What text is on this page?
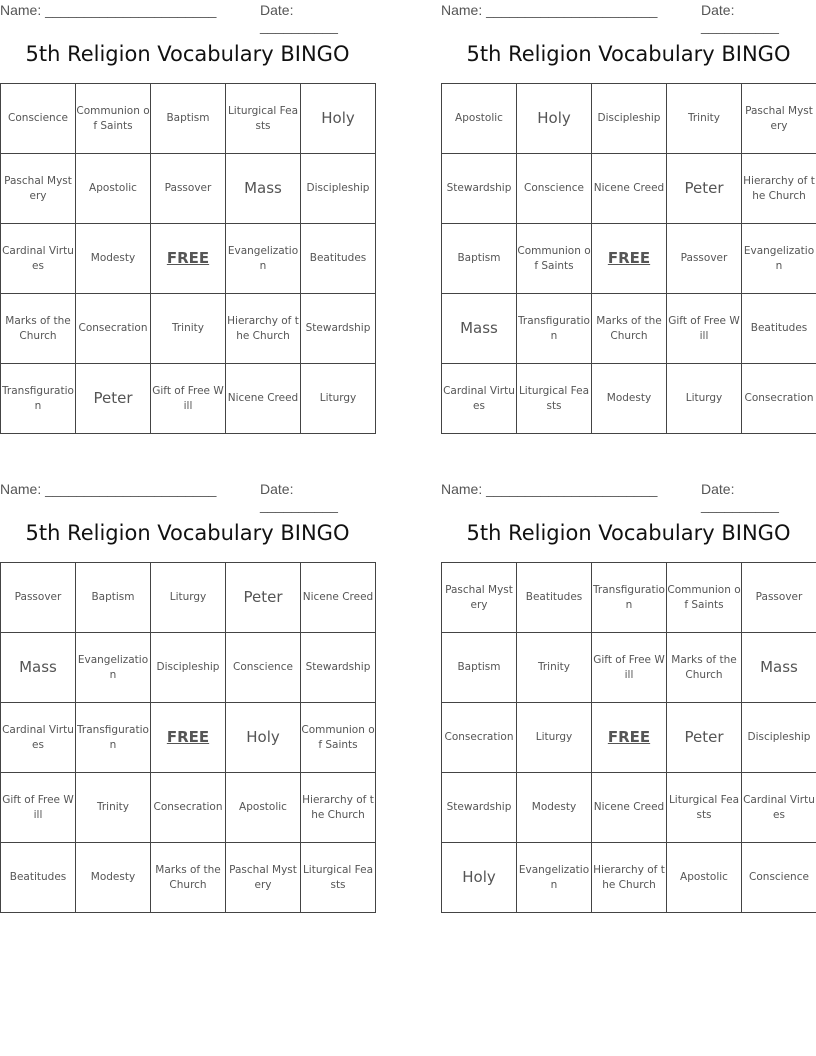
Name: ______________________	Date: __________
5th Religion Vocabulary BINGO
Conscience	Communion of Saints	Baptism	Liturgical Feasts	Holy
Paschal Mystery	Apostolic	Passover	Mass	Discipleship
Cardinal Virtues	Modesty	FREE	Evangelization	Beatitudes
Marks of the Church	Consecration	Trinity	Hierarchy of the Church	Stewardship
Transfiguration	Peter	Gift of Free Will	Nicene Creed	Liturgy
Name: ______________________	Date: __________
5th Religion Vocabulary BINGO
Apostolic	Holy	Discipleship	Trinity	Paschal Mystery
Stewardship	Conscience	Nicene Creed	Peter	Hierarchy of the Church
Baptism	Communion of Saints	FREE	Passover	Evangelization
Mass	Transfiguration	Marks of the Church	Gift of Free Will	Beatitudes
Cardinal Virtues	Liturgical Feasts	Modesty	Liturgy	Consecration
Name: ______________________	Date: __________
5th Religion Vocabulary BINGO
Passover	Baptism	Liturgy	Peter	Nicene Creed
Mass	Evangelization	Discipleship	Conscience	Stewardship
Cardinal Virtues	Transfiguration	FREE	Holy	Communion of Saints
Gift of Free Will	Trinity	Consecration	Apostolic	Hierarchy of the Church
Beatitudes	Modesty	Marks of the Church	Paschal Mystery	Liturgical Feasts
Name: ______________________	Date: __________
5th Religion Vocabulary BINGO
Paschal Mystery	Beatitudes	Transfiguration	Communion of Saints	Passover
Baptism	Trinity	Gift of Free Will	Marks of the Church	Mass
Consecration	Liturgy	FREE	Peter	Discipleship
Stewardship	Modesty	Nicene Creed	Liturgical Feasts	Cardinal Virtues
Holy	Evangelization	Hierarchy of the Church	Apostolic	Conscience
